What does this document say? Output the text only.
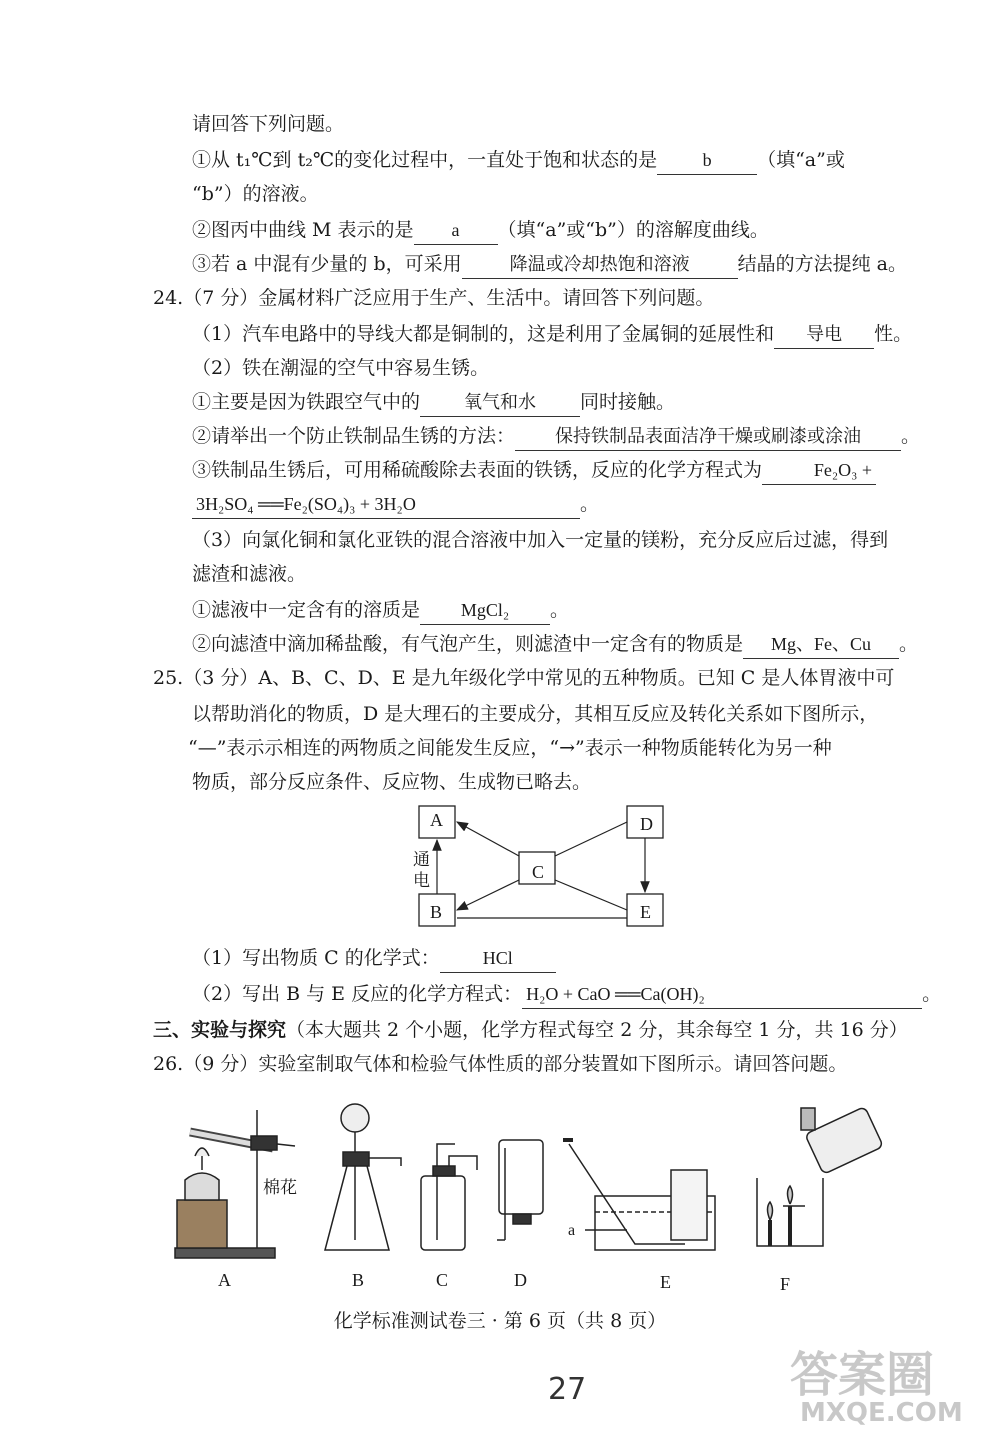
请回答下列问题。
①从 t₁℃到 t₂℃的变化过程中，一直处于饱和状态的是	b （填“a”或
“b”）的溶液。
②图丙中曲线 M 表示的是 a （填“a”或“b”）的溶解度曲线。
③若 a 中混有少量的 b，可采用	降温或冷却热饱和溶液	结晶的方法提纯 a。
24.（7 分）金属材料广泛应用于生产、生活中。请回答下列问题。
（1）汽车电路中的导线大都是铜制的，这是利用了金属铜的延展性和 导电 性。
（2）铁在潮湿的空气中容易生锈。
①主要是因为铁跟空气中的 氧气和水 同时接触。
②请举出一个防止铁制品生锈的方法： 保持铁制品表面洁净干燥或刷漆或涂油 。
③铁制品生锈后，可用稀硫酸除去表面的铁锈，反应的化学方程式为	Fe₂O₃ +
3H₂SO₄ ══Fe₂(SO₄)₃ + 3H₂O	。
（3）向氯化铜和氯化亚铁的混合溶液中加入一定量的镁粉，充分反应后过滤，得到
滤渣和滤液。
①滤液中一定含有的溶质是 MgCl₂ 。
②向滤渣中滴加稀盐酸，有气泡产生，则滤渣中一定含有的物质是 Mg、Fe、Cu 。
25.（3 分）A、B、C、D、E 是九年级化学中常见的五种物质。已知 C 是人体胃液中可
以帮助消化的物质，D 是大理石的主要成分，其相互反应及转化关系如下图所示，
“—”表示示相连的两物质之间能发生反应，“→”表示一种物质能转化为另一种
物质，部分反应条件、反应物、生成物已略去。
A	D
C
B	E
通
电
（1）写出物质 C 的化学式： HCl
（2）写出 B 与 E 反应的化学方程式： H₂O + CaO ══Ca(OH)₂	。
三、实验与探究（本大题共 2 个小题，化学方程式每空 2 分，其余每空 1 分，共 16 分）
26.（9 分）实验室制取气体和检验气体性质的部分装置如下图所示。请回答问题。
棉花
a
A	B	C	D	E	F
化学标准测试卷三 · 第 6 页（共 8 页）
27	答案圈
MXQE.COM
